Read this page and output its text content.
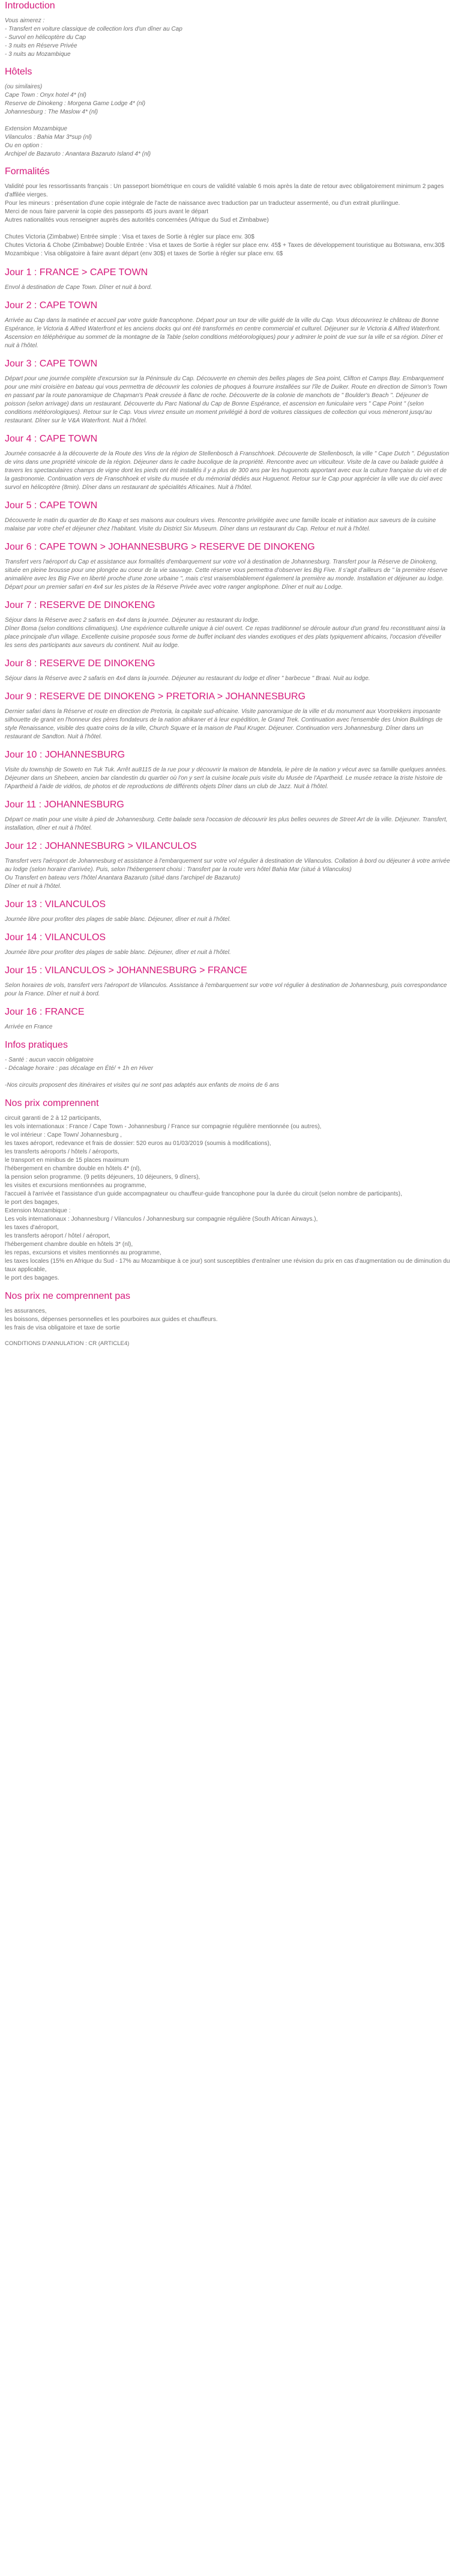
Introduction

Vous aimerez :
- Transfert en voiture classique de collection lors d'un dîner au Cap
- Survol en hélicoptère du Cap
- 3 nuits en Réserve Privée
- 3 nuits au Mozambique

Hôtels

(ou similaires)
Cape Town : Onyx hotel 4* (nl)
Reserve de Dinokeng : Morgena Game Lodge 4* (nl)
Johannesburg : The Maslow 4* (nl)

Extension Mozambique
Vilanculos : Bahia Mar 3*sup (nl)
Ou en option :
Archipel de Bazaruto : Anantara Bazaruto Island 4* (nl)

Formalités

Validité pour les ressortissants français : Un passeport biométrique en cours de validité valable 6 mois après la date de retour avec obligatoirement minimum 2 pages d'affilée vierges.
Pour les mineurs : présentation d'une copie intégrale de l'acte de naissance avec traduction par un traducteur assermenté, ou d'un extrait plurilingue.
Merci de nous faire parvenir la copie des passeports 45 jours avant le départ
Autres nationalités vous renseigner auprès des autorités concernées (Afrique du Sud et Zimbabwe)

Chutes Victoria (Zimbabwe) Entrée simple : Visa et taxes de Sortie à régler sur place env. 30$
Chutes Victoria & Chobe (Zimbabwe) Double Entrée : Visa et taxes de Sortie à régler sur place env. 45$ + Taxes de développement touristique au Botswana, env.30$
Mozambique : Visa obligatoire à faire avant départ (env 30$) et taxes de Sortie à régler sur place env. 6$

Jour 1 : FRANCE > CAPE TOWN

Envol à destination de Cape Town. Dîner et nuit à bord.

Jour 2 : CAPE TOWN

Arrivée au Cap dans la matinée et accueil par votre guide francophone. Départ pour un tour de ville guidé de la ville du Cap. Vous découvrirez le château de Bonne Espérance, le Victoria & Alfred Waterfront et les anciens docks qui ont été transformés en centre commercial et culturel. Déjeuner sur le Victoria & Alfred Waterfront. Ascension en téléphérique au sommet de la montagne de la Table (selon conditions météorologiques) pour y admirer le point de vue sur la ville et sa région. Dîner et nuit à l'hôtel.

Jour 3 : CAPE TOWN

Départ pour une journée complète d'excursion sur la Péninsule du Cap. Découverte en chemin des belles plages de Sea point, Clifton et Camps Bay. Embarquement pour une mini croisière en bateau qui vous permettra de découvrir les colonies de phoques à fourrure installées sur l'île de Duiker. Route en direction de Simon's Town en passant par la route panoramique de Chapman's Peak creusée à flanc de roche. Découverte de la colonie de manchots de " Boulder's Beach ". Déjeuner de poisson (selon arrivage) dans un restaurant. Découverte du Parc National du Cap de Bonne Espérance, et ascension en funiculaire vers " Cape Point " (selon conditions météorologiques). Retour sur le Cap. Vous vivrez ensuite un moment privilégié à bord de voitures classiques de collection qui vous mèneront jusqu'au restaurant. Dîner sur le V&A Waterfront. Nuit à l'hôtel.

Jour 4 : CAPE TOWN

Journée consacrée à la découverte de la Route des Vins de la région de Stellenbosch à Franschhoek. Découverte de Stellenbosch, la ville " Cape Dutch ". Dégustation de vins dans une propriété vinicole de la région. Déjeuner dans le cadre bucolique de la propriété. Rencontre avec un viticulteur. Visite de la cave ou balade guidée à travers les spectaculaires champs de vigne dont les pieds ont été installés il y a plus de 300 ans par les huguenots apportant avec eux la culture française du vin et de la gastronomie. Continuation vers de Franschhoek et visite du musée et du mémorial dédiés aux Huguenot. Retour sur le Cap pour apprécier la ville vue du ciel avec survol en hélicoptère (8min). Dîner dans un restaurant de spécialités Africaines. Nuit à l'hôtel.

Jour 5 : CAPE TOWN

Découverte le matin du quartier de Bo Kaap et ses maisons aux couleurs vives. Rencontre privilégiée avec une famille locale et initiation aux saveurs de la cuisine malaise par votre chef et déjeuner chez l'habitant. Visite du District Six Museum. Dîner dans un restaurant du Cap. Retour et nuit à l'hôtel.

Jour 6 : CAPE TOWN > JOHANNESBURG > RESERVE DE DINOKENG

Transfert vers l'aéroport du Cap et assistance aux formalités d'embarquement sur votre vol à destination de Johannesburg. Transfert pour la Réserve de Dinokeng, située en pleine brousse pour une plongée au coeur de la vie sauvage. Cette réserve vous permettra d'observer les Big Five. Il s'agit d'ailleurs de " la première réserve animalière avec les Big Five en liberté proche d'une zone urbaine ", mais c'est vraisemblablement également la première au monde. Installation et déjeuner au lodge. Départ pour un premier safari en 4x4 sur les pistes de la Réserve Privée avec votre ranger anglophone. Dîner et nuit au Lodge.

Jour 7 : RESERVE DE DINOKENG

Séjour dans la Réserve avec 2 safaris en 4x4 dans la journée. Déjeuner au restaurant du lodge.
Dîner Boma (selon conditions climatiques). Une expérience culturelle unique à ciel ouvert. Ce repas traditionnel se déroule autour d'un grand feu reconstituant ainsi la place principale d'un village. Excellente cuisine proposée sous forme de buffet incluant des viandes exotiques et des plats typiquement africains, l'occasion d'éveiller les sens des participants aux saveurs du continent. Nuit au lodge.

Jour 8 : RESERVE DE DINOKENG

Séjour dans la Réserve avec 2 safaris en 4x4 dans la journée. Déjeuner au restaurant du lodge et dîner " barbecue " Braai. Nuit au lodge.

Jour 9 : RESERVE DE DINOKENG > PRETORIA > JOHANNESBURG

Dernier safari dans la Réserve et route en direction de Pretoria, la capitale sud-africaine. Visite panoramique de la ville et du monument aux Voortrekkers imposante silhouette de granit en l'honneur des pères fondateurs de la nation afrikaner et à leur expédition, le Grand Trek. Continuation avec l'ensemble des Union Buildings de style Renaissance, visible des quatre coins de la ville, Church Square et la maison de Paul Kruger. Déjeuner. Continuation vers Johannesburg. Dîner dans un restaurant de Sandton. Nuit à l'hôtel.

Jour 10 : JOHANNESBURG

Visite du township de Soweto en Tuk Tuk. Arrêt au8115 de la rue pour y découvrir la maison de Mandela, le père de la nation y vécut avec sa famille quelques années. Déjeuner dans un Shebeen, ancien bar clandestin du quartier où l'on y sert la cuisine locale puis visite du Musée de l'Apartheid. Le musée retrace la triste histoire de l'Apartheid à l'aide de vidéos, de photos et de reproductions de différents objets Dîner dans un club de Jazz. Nuit à l'hôtel.

Jour 11 : JOHANNESBURG

Départ ce matin pour une visite à pied de Johannesburg. Cette balade sera l'occasion de découvrir les plus belles oeuvres de Street Art de la ville. Déjeuner. Transfert, installation, dîner et nuit à l'hôtel.

Jour 12 : JOHANNESBURG > VILANCULOS

Transfert vers l'aéroport de Johannesburg et assistance à l'embarquement sur votre vol régulier à destination de Vilanculos. Collation à bord ou déjeuner à votre arrivée au lodge (selon horaire d'arrivée). Puis, selon l'hébergement choisi : Transfert par la route vers hôtel Bahia Mar (situé à Vilanculos)
Ou Transfert en bateau vers l'hôtel Anantara Bazaruto (situé dans l'archipel de Bazaruto)
Dîner et nuit à l'hôtel.

Jour 13 : VILANCULOS

Journée libre pour profiter des plages de sable blanc. Déjeuner, dîner et nuit à l'hôtel.

Jour 14 : VILANCULOS

Journée libre pour profiter des plages de sable blanc. Déjeuner, dîner et nuit à l'hôtel.

Jour 15 : VILANCULOS > JOHANNESBURG > FRANCE

Selon horaires de vols, transfert vers l'aéroport de Vilanculos. Assistance à l'embarquement sur votre vol régulier à destination de Johannesburg, puis correspondance pour la France. Dîner et nuit à bord.

Jour 16 : FRANCE

Arrivée en France

Infos pratiques

- Santé : aucun vaccin obligatoire
- Décalage horaire : pas décalage en Été/ + 1h en Hiver

-Nos circuits proposent des itinéraires et visites qui ne sont pas adaptés aux enfants de moins de 6 ans

Nos prix comprennent

circuit garanti de 2 à 12 participants,
les vols internationaux : France / Cape Town - Johannesburg / France sur compagnie régulière mentionnée (ou autres),
le vol intérieur : Cape Town/ Johannesburg ,
les taxes aéroport, redevance et frais de dossier: 520 euros au 01/03/2019 (soumis à modifications),
les transferts aéroports / hôtels / aéroports,
le transport en minibus de 15 places maximum
l'hébergement en chambre double en hôtels 4* (nl),
la pension selon programme. (9 petits déjeuners, 10 déjeuners, 9 dîners),
les visites et excursions mentionnées au programme,
l'accueil à l'arrivée et l'assistance d'un guide accompagnateur ou chauffeur-guide francophone pour la durée du circuit (selon nombre de participants),
le port des bagages,
Extension Mozambique :
Les vols internationaux : Johannesburg / Vilanculos / Johannesburg sur compagnie régulière (South African Airways.),
les taxes d'aéroport,
les transferts aéroport / hôtel / aéroport,
l'hébergement chambre double en hôtels 3* (nl),
les repas, excursions et visites mentionnés au programme,
les taxes locales (15% en Afrique du Sud - 17% au Mozambique à ce jour) sont susceptibles d'entraîner une révision du prix en cas d'augmentation ou de diminution du taux applicable,
le port des bagages.

Nos prix ne comprennent pas

les assurances,
les boissons, dépenses personnelles et les pourboires aux guides et chauffeurs.
les frais de visa obligatoire et taxe de sortie

CONDITIONS D'ANNULATION : CR (ARTICLE4)
